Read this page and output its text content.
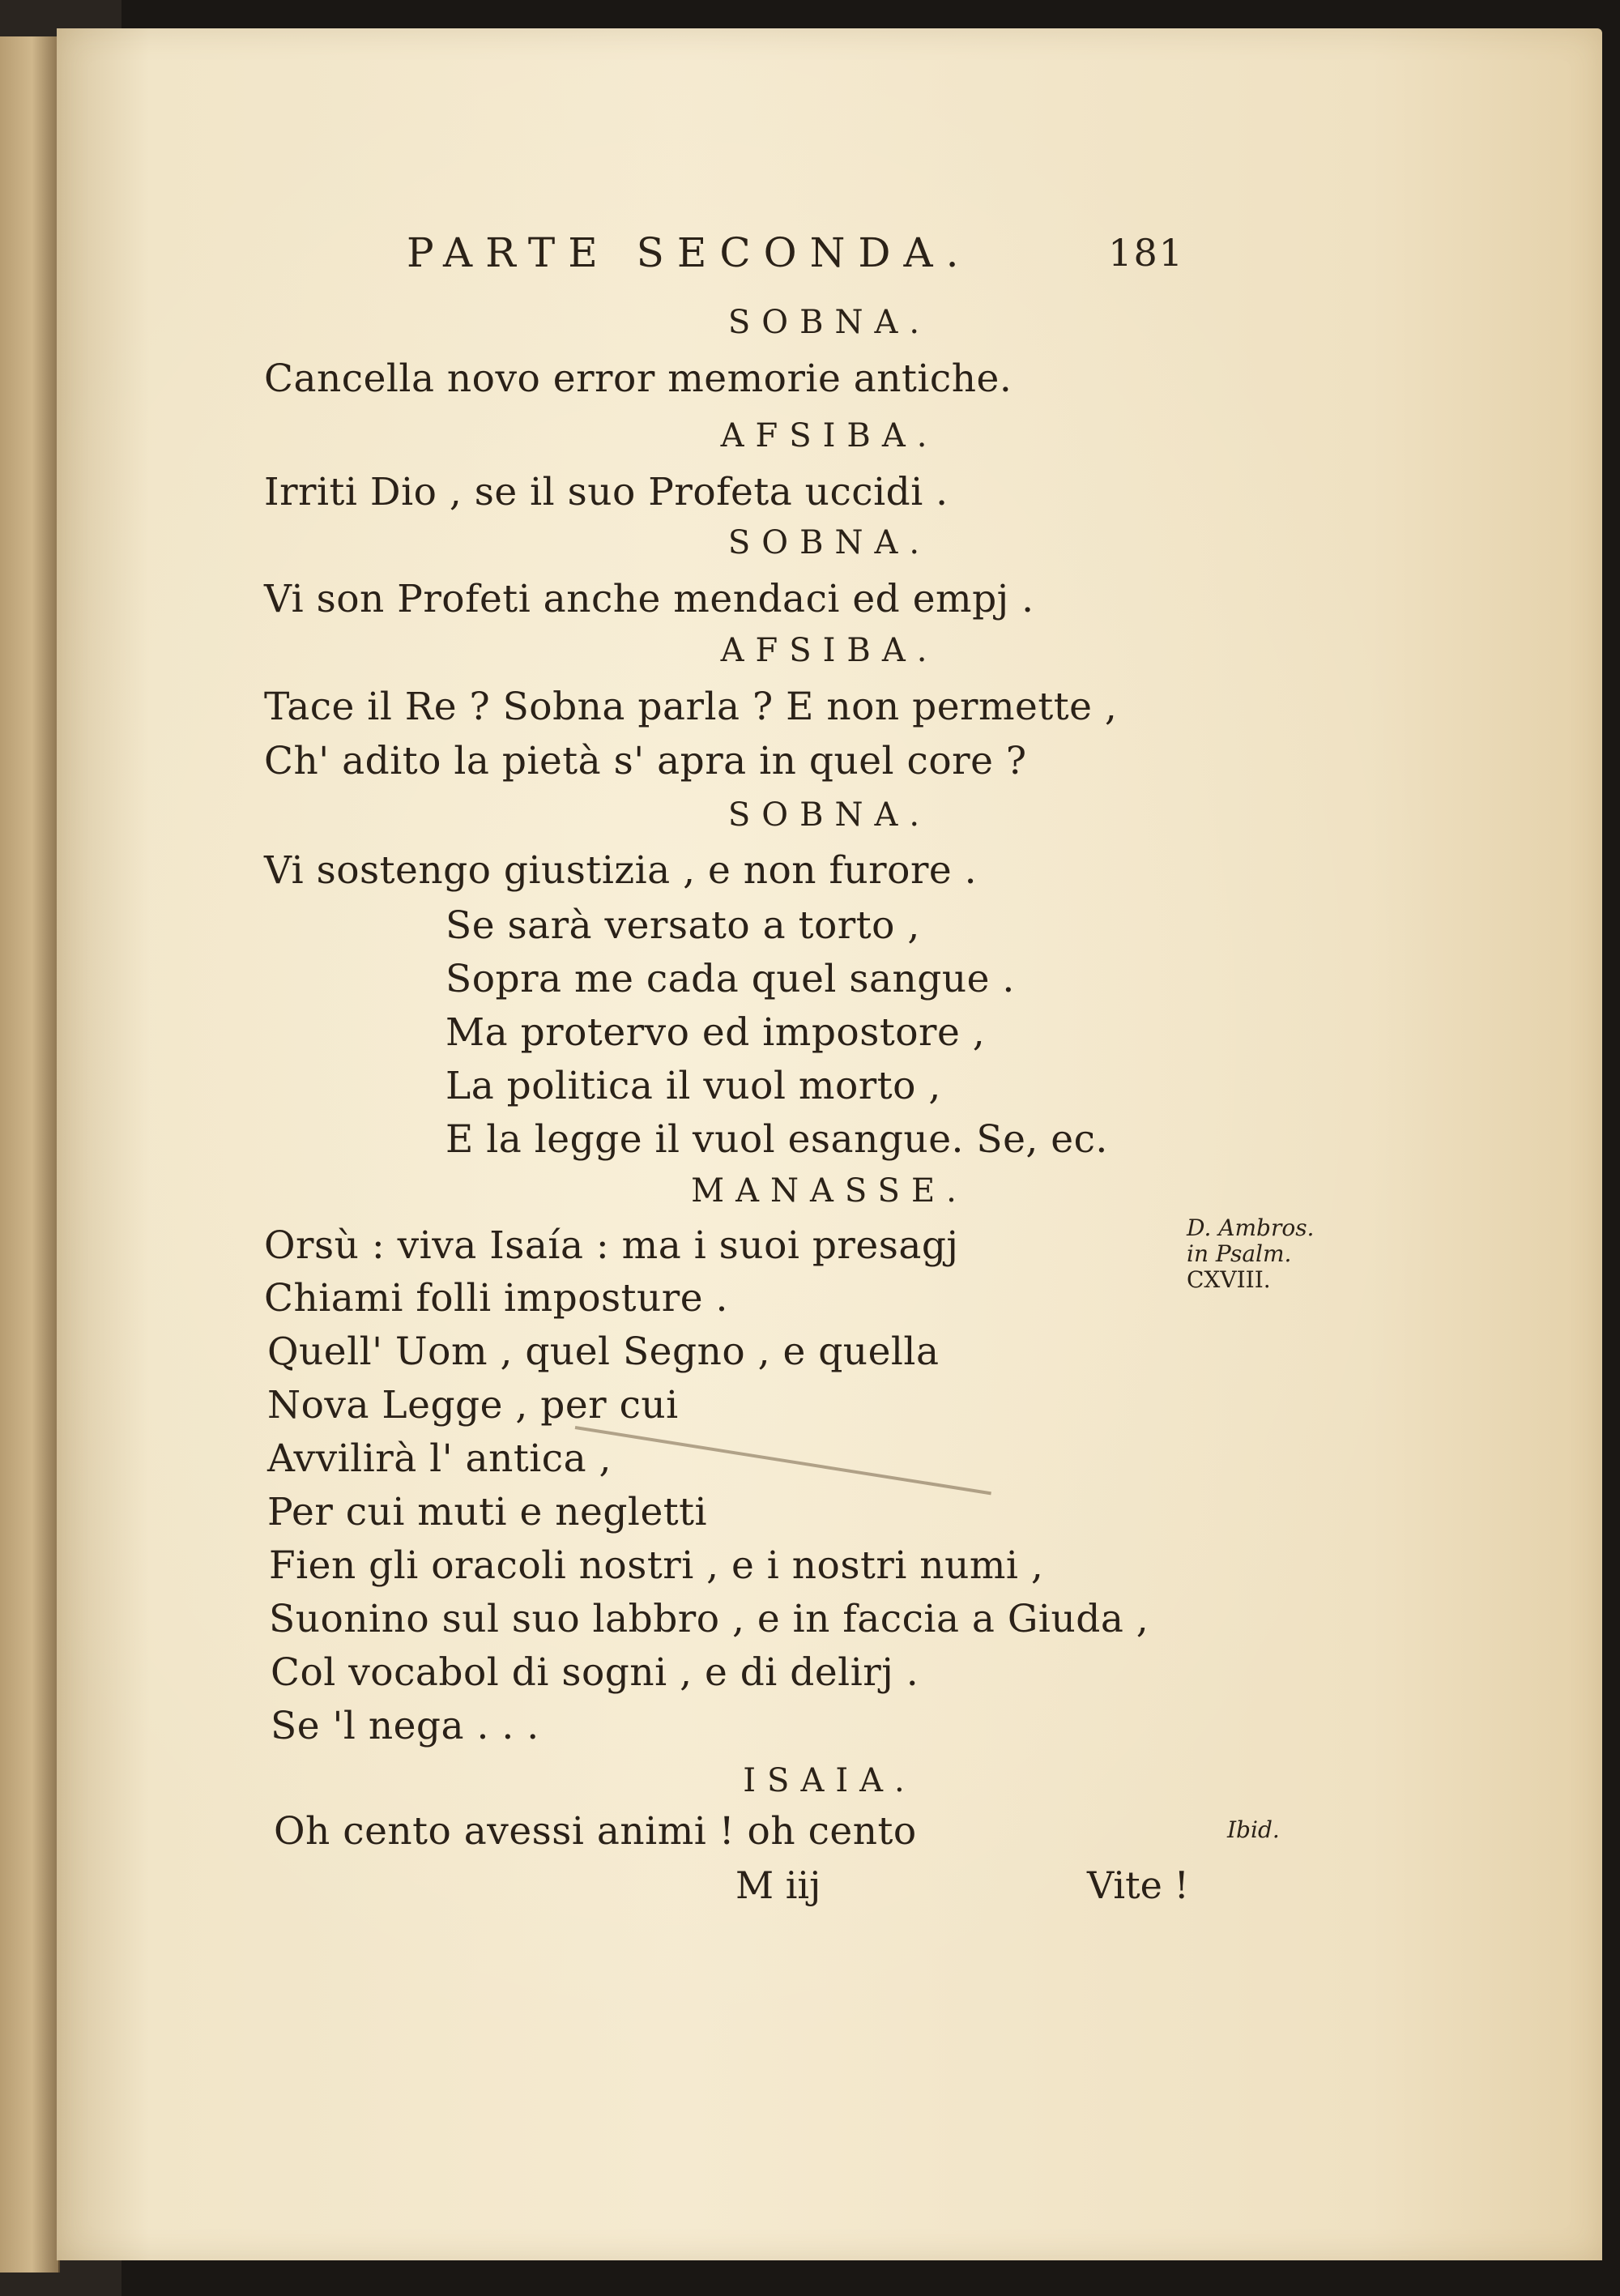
PARTE SECONDA.	181
SOBNA.
Cancella novo error memorie antiche.
AFSIBA.
Irriti Dio , se il suo Profeta uccidi .
SOBNA.
Vi son Profeti anche mendaci ed empj .
AFSIBA.
Tace il Re ? Sobna parla ? E non permette ,
Ch' adito la pietà s' apra in quel core ?
SOBNA.
Vi sostengo giustizia , e non furore .
Se sarà versato a torto ,
Sopra me cada quel sangue .
Ma protervo ed impostore ,
La politica il vuol morto ,
E la legge il vuol esangue. Se, ec.
MANASSE.
Orsù : viva Isaía : ma i suoi presagj
Chiami folli imposture .
Quell' Uom , quel Segno , e quella
Nova Legge , per cui
Avvilirà l' antica ,
Per cui muti e negletti
Fien gli oracoli nostri , e i nostri numi ,
Suonino sul suo labbro , e in faccia a Giuda ,
Col vocabol di sogni , e di delirj .
Se 'l nega . . .
ISAIA.
Oh cento avessi animi ! oh cento
D. Ambros.
in Psalm.
CXVIII.
Ibid.
M iij	Vite !
